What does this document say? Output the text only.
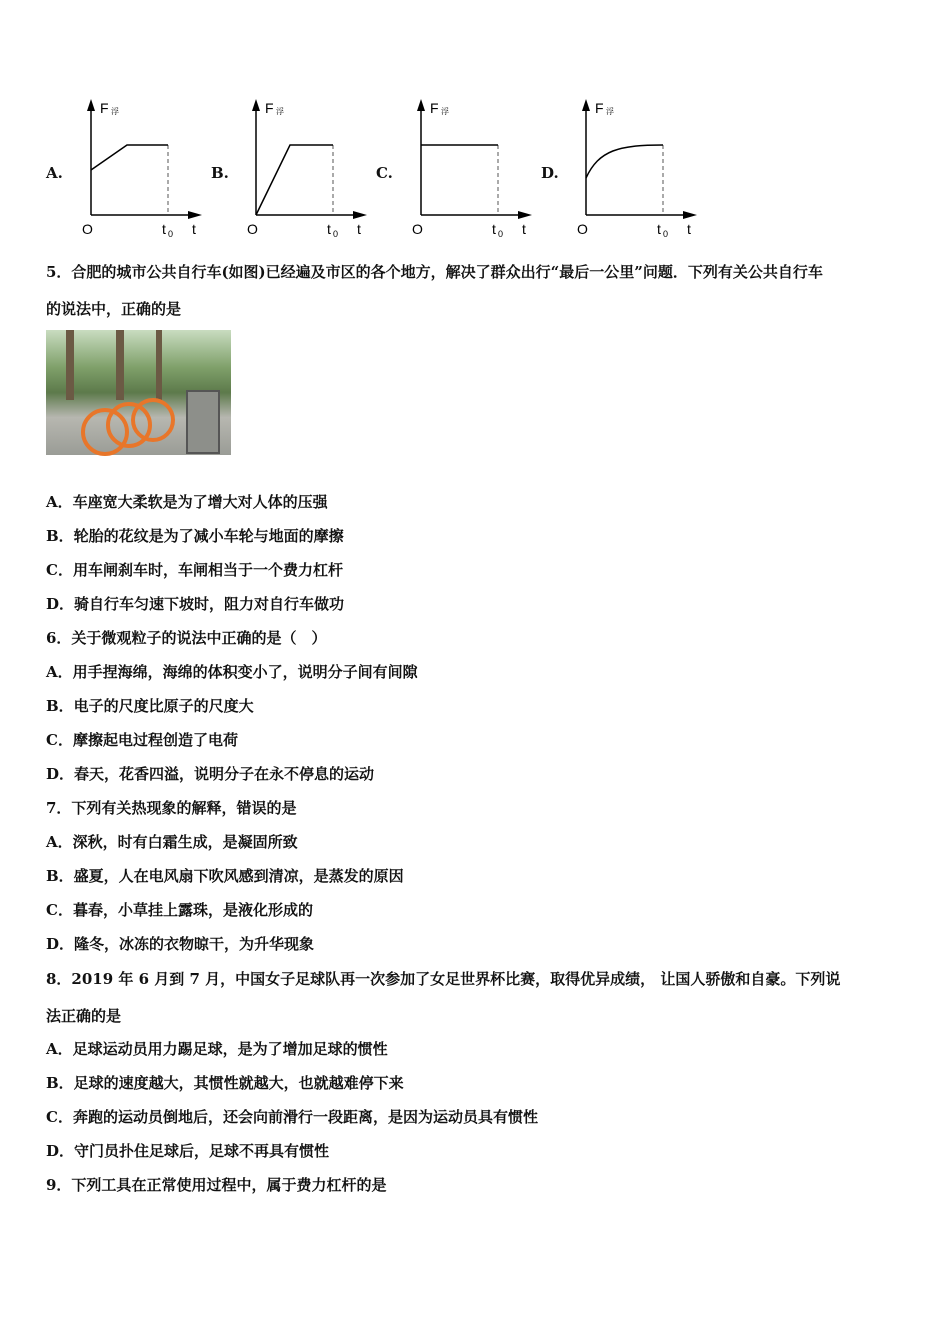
A.
F 浮
O	t 0 t
B.
F 浮
O	t 0 t
C.
F 浮
O	t 0 t
D.
F 浮
O	t 0 t
5．合肥的城市公共自行车(如图)已经遍及市区的各个地方，解决了群众出行“最后一公里”问题．下列有关公共自行车
的说法中，正确的是
A．车座宽大柔软是为了增大对人体的压强
B．轮胎的花纹是为了减小车轮与地面的摩擦
C．用车闸刹车时，车闸相当于一个费力杠杆
D．骑自行车匀速下坡时，阻力对自行车做功
6．关于微观粒子的说法中正确的是（　）
A．用手捏海绵，海绵的体积变小了，说明分子间有间隙
B．电子的尺度比原子的尺度大
C．摩擦起电过程创造了电荷
D．春天，花香四溢，说明分子在永不停息的运动
7．下列有关热现象的解释，错误的是
A．深秋，时有白霜生成，是凝固所致
B．盛夏，人在电风扇下吹风感到清凉，是蒸发的原因
C．暮春，小草挂上露珠，是液化形成的
D．隆冬，冰冻的衣物晾干，为升华现象
8．2019 年 6 月到 7 月，中国女子足球队再一次参加了女足世界杯比赛，取得优异成绩， 让国人骄傲和自豪。下列说
法正确的是
A．足球运动员用力踢足球，是为了增加足球的惯性
B．足球的速度越大，其惯性就越大，也就越难停下来
C．奔跑的运动员倒地后，还会向前滑行一段距离，是因为运动员具有惯性
D．守门员扑住足球后，足球不再具有惯性
9．下列工具在正常使用过程中，属于费力杠杆的是
